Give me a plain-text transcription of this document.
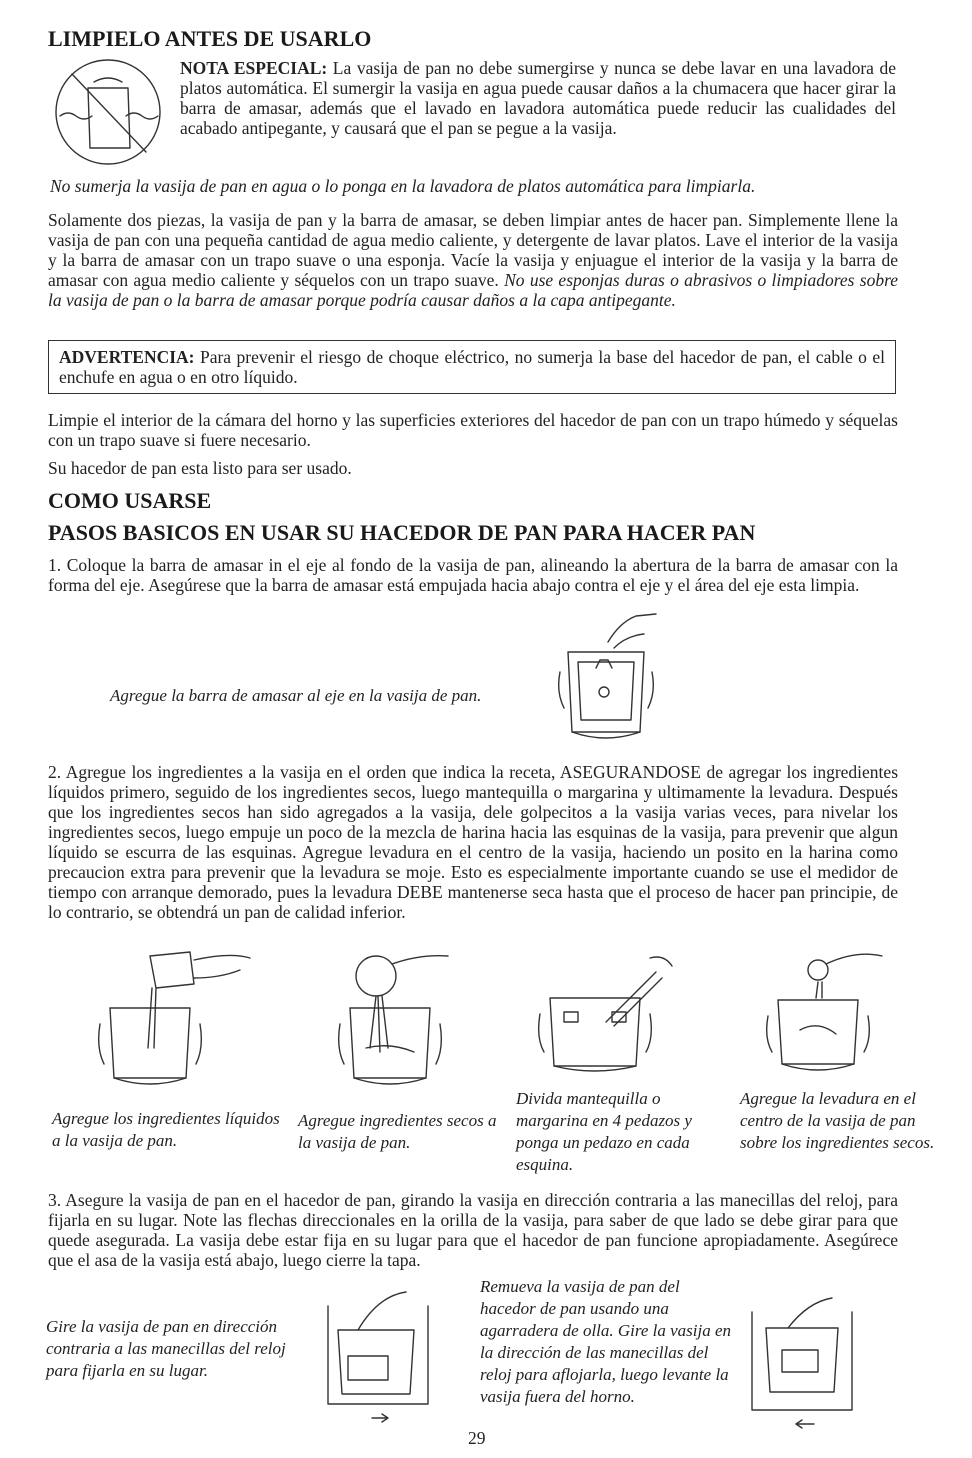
LIMPIELO ANTES DE USARLO
NOTA ESPECIAL: La vasija de pan no debe sumergirse y nunca se debe lavar en una lavadora de platos automática. El sumergir la vasija en agua puede causar daños a la chumacera que hacer girar la barra de amasar, además que el lavado en lavadora automática puede reducir las cualidades del acabado antipegante, y causará que el pan se pegue a la vasija.
No sumerja la vasija de pan en agua o lo ponga en la lavadora de platos automática para limpiarla.
Solamente dos piezas, la vasija de pan y la barra de amasar, se deben limpiar antes de hacer pan. Simplemente llene la vasija de pan con una pequeña cantidad de agua medio caliente, y detergente de lavar platos. Lave el interior de la vasija y la barra de amasar con un trapo suave o una esponja. Vacíe la vasija y enjuague el interior de la vasija y la barra de amasar con agua medio caliente y séquelos con un trapo suave. No use esponjas duras o abrasivos o limpiadores sobre la vasija de pan o la barra de amasar porque podría causar daños a la capa antipegante.
ADVERTENCIA: Para prevenir el riesgo de choque eléctrico, no sumerja la base del hacedor de pan, el cable o el enchufe en agua o en otro líquido.
Limpie el interior de la cámara del horno y las superficies exteriores del hacedor de pan con un trapo húmedo y séquelas con un trapo suave si fuere necesario.
Su hacedor de pan esta listo para ser usado.
COMO USARSE
PASOS BASICOS EN USAR SU HACEDOR DE PAN PARA HACER PAN
1. Coloque la barra de amasar in el eje al fondo de la vasija de pan, alineando la abertura de la barra de amasar con la forma del eje. Asegúrese que la barra de amasar está empujada hacia abajo contra el eje y el área del eje esta limpia.
Agregue la barra de amasar al eje en la vasija de pan.
2. Agregue los ingredientes a la vasija en el orden que indica la receta, ASEGURANDOSE de agregar los ingredientes líquidos primero, seguido de los ingredientes secos, luego mantequilla o margarina y ultimamente la levadura. Después que los ingredientes secos han sido agregados a la vasija, dele golpecitos a la vasija varias veces, para nivelar los ingredientes secos, luego empuje un poco de la mezcla de harina hacia las esquinas de la vasija, para prevenir que algun líquido se escurra de las esquinas. Agregue levadura en el centro de la vasija, haciendo un posito en la harina como precaucion extra para prevenir que la levadura se moje. Esto es especialmente importante cuando se use el medidor de tiempo con arranque demorado, pues la levadura DEBE mantenerse seca hasta que el proceso de hacer pan principie, de lo contrario, se obtendrá un pan de calidad inferior.
Agregue los ingredientes líquidos a la vasija de pan.
Agregue ingredientes secos a la vasija de pan.
Divida mantequilla o margarina en 4 pedazos y ponga un pedazo en cada esquina.
Agregue la levadura en el centro de la vasija de pan sobre los ingredientes secos.
3. Asegure la vasija de pan en el hacedor de pan, girando la vasija en dirección contraria a las manecillas del reloj, para fijarla en su lugar. Note las flechas direccionales en la orilla de la vasija, para saber de que lado se debe girar para que quede asegurada. La vasija debe estar fija en su lugar para que el hacedor de pan funcione apropiadamente. Asegúrece que el asa de la vasija está abajo, luego cierre la tapa.
Gire la vasija de pan en dirección contraria a las manecillas del reloj para fijarla en su lugar.
Remueva la vasija de pan del hacedor de pan usando una agarradera de olla. Gire la vasija en la dirección de las manecillas del reloj para aflojarla, luego levante la vasija fuera del horno.
29
